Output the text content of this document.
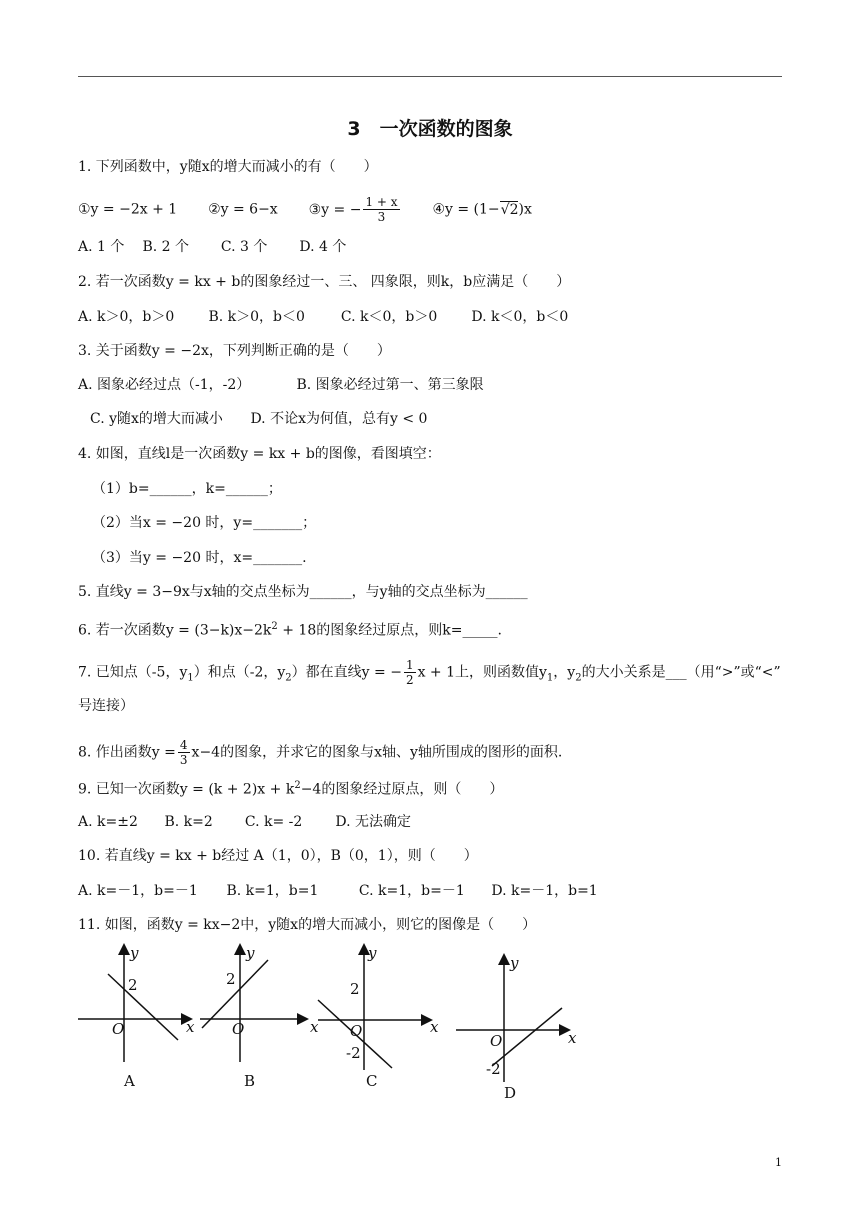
3　一次函数的图象
1. 下列函数中，y随x的增大而减小的有（　　）
①y = −2x + 1 ②y = 6−x ③y = − $\frac{1 + x}{3}$ ④y = (1−√2)x
A. 1 个 B. 2 个 C. 3 个 D. 4 个
2. 若一次函数y = kx + b的图象经过一、三、 四象限，则k，b应满足（　　）
A. k＞0，b＞0 B. k＞0，b＜0	C. k＜0，b＞0 D. k＜0，b＜0
3. 关于函数y = −2x，下列判断正确的是（　　）
A. 图象必经过点（-1，-2）	B. 图象必经过第一、第三象限
C. y随x的增大而减小 D. 不论x为何值，总有y < 0
4. 如图，直线l是一次函数y = kx + b的图像，看图填空：
（1）b=______，k=______；
（2）当x = −20 时，y=_______；
（3）当y = −20 时，x=_______.
5. 直线y = 3−9x与x轴的交点坐标为______，与y轴的交点坐标为______
6. 若一次函数$y = (3-k)x-2k^2 + 18$的图象经过原点，则k=_____.
7. 已知点（-5，$y_1$）和点（-2，$y_2$）都在直线y = − $\frac{1}{2}$ x + 1上，则函数值$y_1$，$y_2$的大小关系是___（用“>”或“<”
号连接）
8. 作出函数$y = \frac{4}{3} x-4$的图象，并求它的图象与x轴、y轴所围成的图形的面积.
9. 已知一次函数$y = (k + 2)x + k^2-4$的图象经过原点，则（　　）
A. k=±2 B. k=2 C. k= -2 D. 无法确定
10. 若直线y = kx + b经过 A（1，0），B（0，1），则（　　）
A. k=－1，b=－1 B. k=1，b=1	C. k=1，b=－1 D. k=－1，b=1
11. 如图，函数y = kx−2中，y随x的增大而减小，则它的图像是（　　）
x
y
O
2
A
x
y
O
2
B
x
y
O
2
-2
C
x
y
O
-2
D
1
